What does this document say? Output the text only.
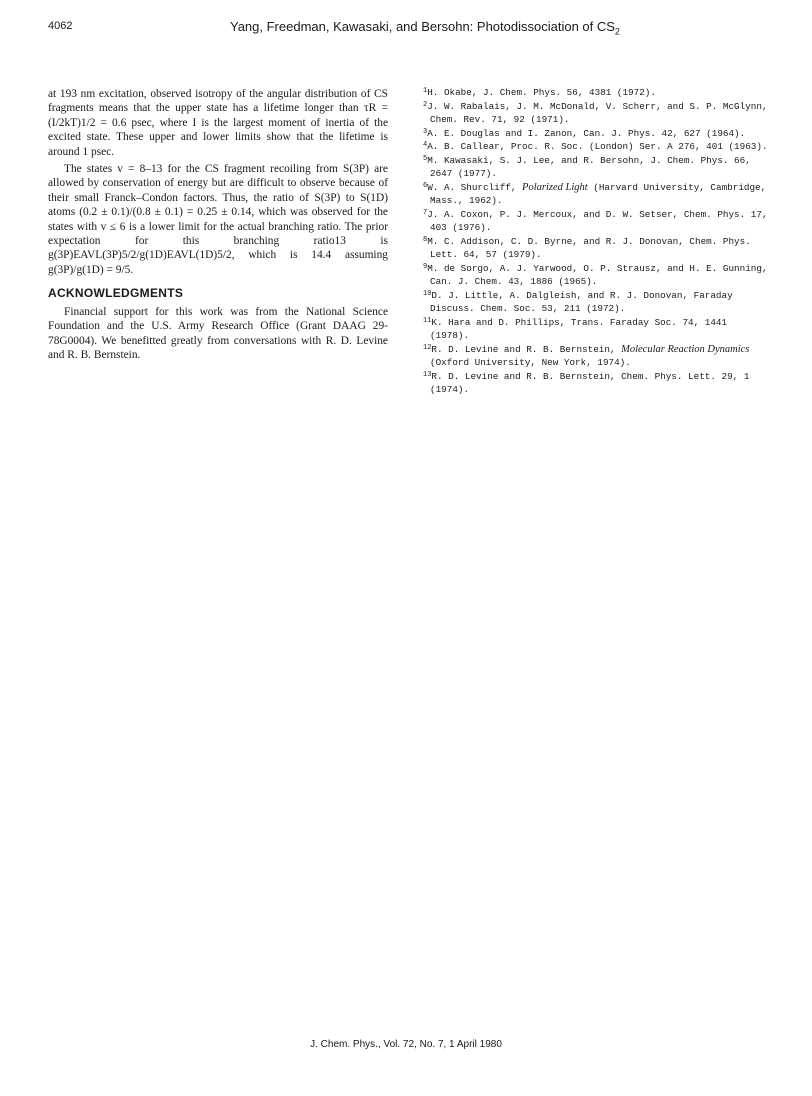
4062	Yang, Freedman, Kawasaki, and Bersohn: Photodissociation of $CS_2$

at 193 nm excitation, observed isotropy of the angular distribution of CS fragments means that the upper state has a lifetime longer than τR = (I/2kT)1/2 = 0.6 psec, where I is the largest moment of inertia of the excited state. These upper and lower limits show that the lifetime is around 1 psec.

The states v = 8–13 for the CS fragment recoiling from S(3P) are allowed by conservation of energy but are difficult to observe because of their small Franck–Condon factors. Thus, the ratio of S(3P) to S(1D) atoms (0.2 ± 0.1)/(0.8 ± 0.1) = 0.25 ± 0.14, which was observed for the states with v ≤ 6 is a lower limit for the actual branching ratio. The prior expectation for this branching ratio13 is g(3P)EAVL(3P)5/2/g(1D)EAVL(1D)5/2, which is 14.4 assuming g(3P)/g(1D) = 9/5.

ACKNOWLEDGMENTS

Financial support for this work was from the National Science Foundation and the U.S. Army Research Office (Grant DAAG 29-78G0004). We benefitted greatly from conversations with R. D. Levine and R. B. Bernstein.

$^1$H. Okabe, J. Chem. Phys. 56, 4381 (1972).

$^2$J. W. Rabalais, J. M. McDonald, V. Scherr, and S. P. McGlynn, Chem. Rev. 71, 92 (1971).

$^3$A. E. Douglas and I. Zanon, Can. J. Phys. 42, 627 (1964).

$^4$A. B. Callear, Proc. R. Soc. (London) Ser. A 276, 401 (1963).

$^5$M. Kawasaki, S. J. Lee, and R. Bersohn, J. Chem. Phys. 66, 2647 (1977).

$^6$W. A. Shurcliff, Polarized Light (Harvard University, Cambridge, Mass., 1962).

$^7$J. A. Coxon, P. J. Mercoux, and D. W. Setser, Chem. Phys. 17, 403 (1976).

$^8$M. C. Addison, C. D. Byrne, and R. J. Donovan, Chem. Phys. Lett. 64, 57 (1979).

$^9$M. de Sorgo, A. J. Yarwood, O. P. Strausz, and H. E. Gunning, Can. J. Chem. 43, 1886 (1965).

$^{10}$D. J. Little, A. Dalgleish, and R. J. Donovan, Faraday Discuss. Chem. Soc. 53, 211 (1972).

$^{11}$K. Hara and D. Phillips, Trans. Faraday Soc. 74, 1441 (1978).

$^{12}$R. D. Levine and R. B. Bernstein, Molecular Reaction Dynamics (Oxford University, New York, 1974).

$^{13}$R. D. Levine and R. B. Bernstein, Chem. Phys. Lett. 29, 1 (1974).

J. Chem. Phys., Vol. 72, No. 7, 1 April 1980
